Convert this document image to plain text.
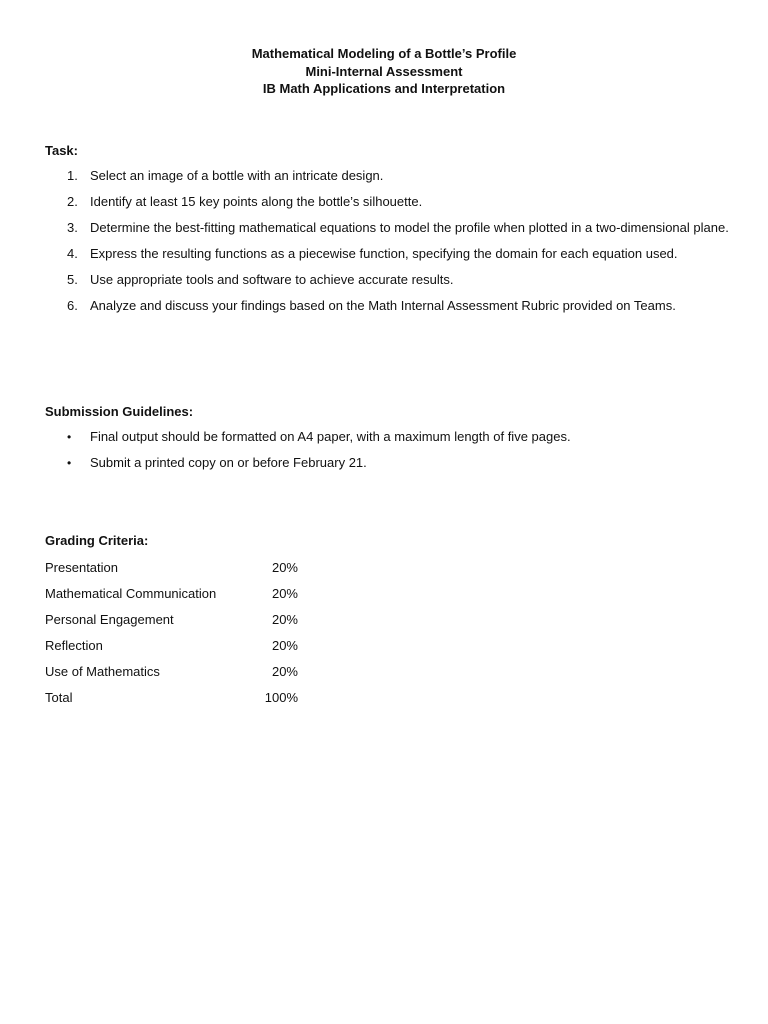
Mathematical Modeling of a Bottle’s Profile
Mini-Internal Assessment
IB Math Applications and Interpretation
Task:
1. Select an image of a bottle with an intricate design.
2. Identify at least 15 key points along the bottle’s silhouette.
3. Determine the best-fitting mathematical equations to model the profile when plotted in a two-dimensional plane.
4. Express the resulting functions as a piecewise function, specifying the domain for each equation used.
5. Use appropriate tools and software to achieve accurate results.
6. Analyze and discuss your findings based on the Math Internal Assessment Rubric provided on Teams.
Submission Guidelines:
•	Final output should be formatted on A4 paper, with a maximum length of five pages.
•	Submit a printed copy on or before February 21.
Grading Criteria:
Presentation	20%
Mathematical Communication	20%
Personal Engagement	20%
Reflection	20%
Use of Mathematics	20%
Total	100%
